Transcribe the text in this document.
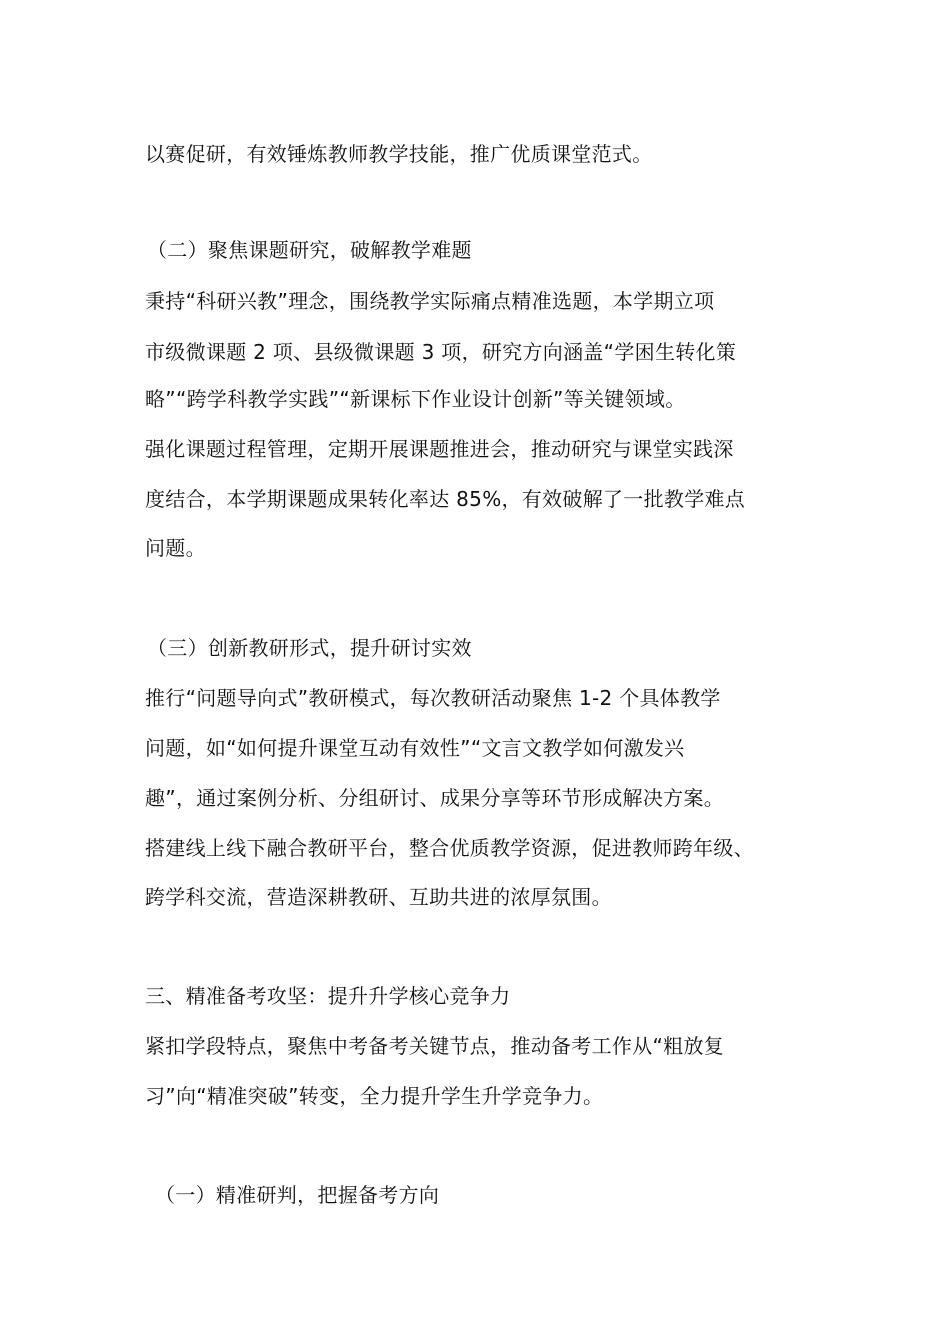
以赛促研，有效锤炼教师教学技能，推广优质课堂范式。
（二）聚焦课题研究，破解教学难题
秉持“科研兴教”理念，围绕教学实际痛点精准选题，本学期立项
市级微课题 2 项、县级微课题 3 项，研究方向涵盖“学困生转化策
略”“跨学科教学实践”“新课标下作业设计创新”等关键领域。
强化课题过程管理，定期开展课题推进会，推动研究与课堂实践深
度结合，本学期课题成果转化率达 85%，有效破解了一批教学难点
问题。
（三）创新教研形式，提升研讨实效
推行“问题导向式”教研模式，每次教研活动聚焦 1-2 个具体教学
问题，如“如何提升课堂互动有效性”“文言文教学如何激发兴
趣”，通过案例分析、分组研讨、成果分享等环节形成解决方案。
搭建线上线下融合教研平台，整合优质教学资源，促进教师跨年级、
跨学科交流，营造深耕教研、互助共进的浓厚氛围。
三、精准备考攻坚：提升升学核心竞争力
紧扣学段特点，聚焦中考备考关键节点，推动备考工作从“粗放复
习”向“精准突破”转变，全力提升学生升学竞争力。
（一）精准研判，把握备考方向
